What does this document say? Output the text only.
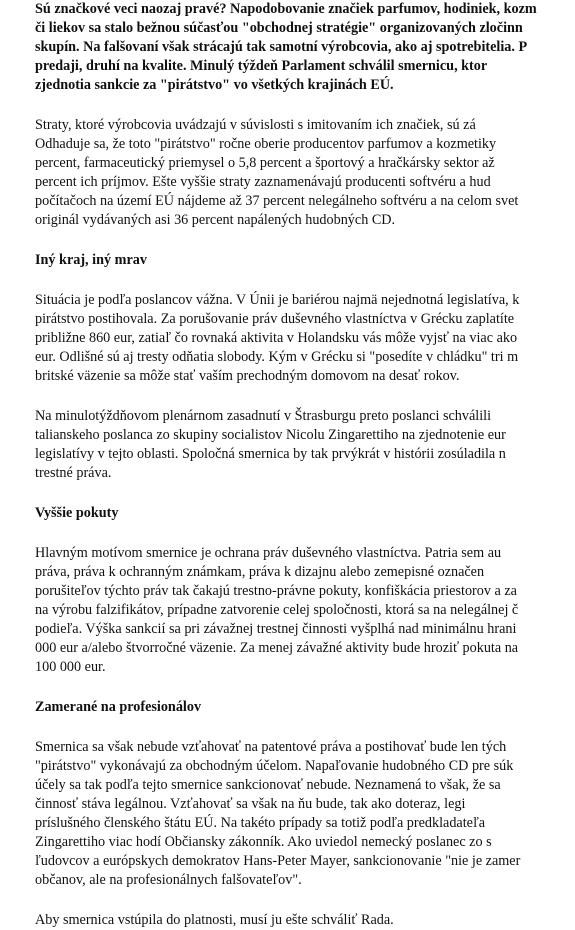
Sú značkové veci naozaj pravé? Napodobovanie značiek parfumov, hodiniek, kozm
či liekov sa stalo bežnou súčasťou "obchodnej stratégie" organizovaných zločinn
skupín. Na falšovaní však strácajú tak samotní výrobcovia, ako aj spotrebitelia. P
predaji, druhí na kvalite. Minulý týždeň Parlament schválil smernicu, ktor
zjednotia sankcie za "pirátstvo" vo všetkých krajinách EÚ.
Straty, ktoré výrobcovia uvádzajú v súvislosti s imitovaním ich značiek, sú zá
Odhaduje sa, že toto "pirátstvo" ročne oberie producentov parfumov a kozmetiky
percent, farmaceutický priemysel o 5,8 percent a športový a hračkársky sektor až
percent ich príjmov. Ešte vyššie straty zaznamenávajú producenti softvéru a hud
počítačoch na území EÚ nájdeme až 37 percent nelegálneho softvéru a na celom svet
originál vydávaných asi 36 percent napálených hudobných CD.
Iný kraj, iný mrav
Situácia je podľa poslancov vážna. V Únii je bariérou najmä nejednotná legislatíva, k
pirátstvo postihovala. Za porušovanie práv duševného vlastníctva v Grécku zaplatíte
približne 860 eur, zatiaľ čo rovnaká aktivita v Holandsku vás môže vyjsť na viac ako
eur. Odlišné sú aj tresty odňatia slobody. Kým v Grécku si "posedíte v chládku" tri m
britské väzenie sa môže stať vaším prechodným domovom na desať rokov.
Na minulotýždňovom plenárnom zasadnutí v Štrasburgu preto poslanci schválili
talianskeho poslanca zo skupiny socialistov Nicolu Zingarettiho na zjednotenie eur
legislatívy v tejto oblasti. Spoločná smernica by tak prvýkrát v histórii zosúladila n
trestné práva.
Vyššie pokuty
Hlavným motívom smernice je ochrana práv duševného vlastníctva. Patria sem au
práva, práva k ochranným známkam, práva k dizajnu alebo zemepisné označen
porušiteľov týchto práv tak čakajú trestno-právne pokuty, konfiškácia priestorov a za
na výrobu falzifikátov, prípadne zatvorenie celej spoločnosti, ktorá sa na nelegálnej č
podieľa. Výška sankcií sa pri závažnej trestnej činnosti vyšplhá nad minimálnu hrani
000 eur a/alebo štvorročné väzenie. Za menej závažné aktivity bude hroziť pokuta na
100 000 eur.
Zamerané na profesionálov
Smernica sa však nebude vzťahovať na patentové práva a postihovať bude len tých
"pirátstvo" vykonávajú za obchodným účelom. Napaľovanie hudobného CD pre súk
účely sa tak podľa tejto smernice sankcionovať nebude. Neznamená to však, že sa
činnosť stáva legálnou. Vzťahovať sa však na ňu bude, tak ako doteraz, legi
príslušného členského štátu EÚ. Na takéto prípady sa totiž podľa predkladateľa
Zingarettiho viac hodí Občiansky zákonník. Ako uviedol nemecký poslanec zo s
ľudovcov a európskych demokratov Hans-Peter Mayer, sankcionovanie "nie je zamer
občanov, ale na profesionálnych falšovateľov".
Aby smernica vstúpila do platnosti, musí ju ešte schváliť Rada.
